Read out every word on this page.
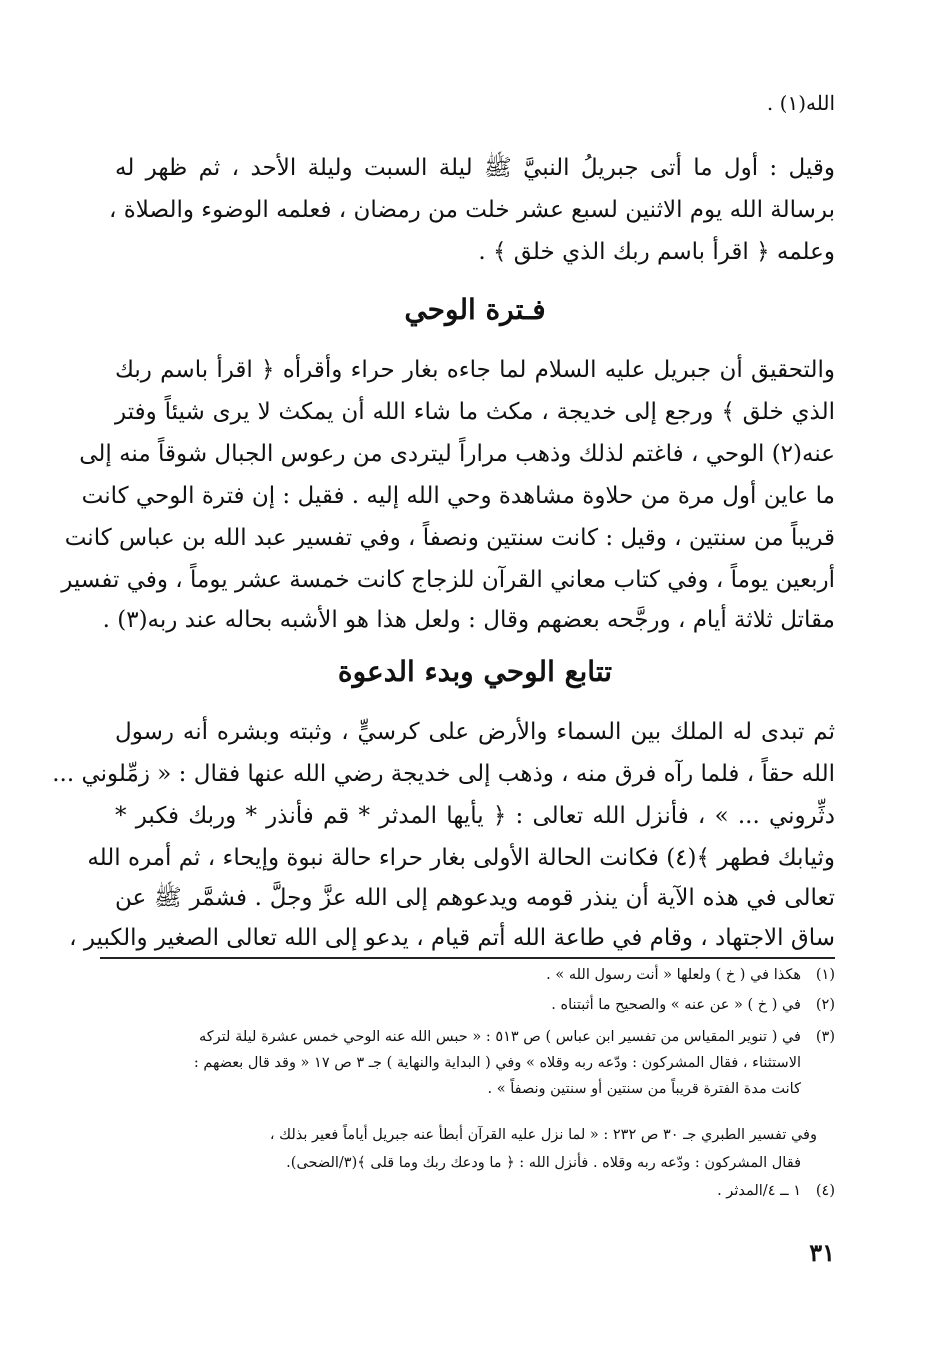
الله(١) .
وقيل : أول ما أتى جبريلُ النبيَّ ﷺ ليلة السبت وليلة الأحد ، ثم ظهر له
برسالة الله يوم الاثنين لسبع عشر خلت من رمضان ، فعلمه الوضوء والصلاة ،
وعلمه ﴿ اقرأ باسم ربك الذي خلق ﴾ .
فـترة الوحي
والتحقيق أن جبريل عليه السلام لما جاءه بغار حراء وأقرأه ﴿ اقرأ باسم ربك
الذي خلق ﴾ ورجع إلى خديجة ، مكث ما شاء الله أن يمكث لا يرى شيئاً وفتر
عنه(٢) الوحي ، فاغتم لذلك وذهب مراراً ليتردى من رعوس الجبال شوقاً منه إلى
ما عاين أول مرة من حلاوة مشاهدة وحي الله إليه . فقيل : إن فترة الوحي كانت
قريباً من سنتين ، وقيل : كانت سنتين ونصفاً ، وفي تفسير عبد الله بن عباس كانت
أربعين يوماً ، وفي كتاب معاني القرآن للزجاج كانت خمسة عشر يوماً ، وفي تفسير
مقاتل ثلاثة أيام ، ورجَّحه بعضهم وقال : ولعل هذا هو الأشبه بحاله عند ربه(٣) .
تتابع الوحي وبدء الدعوة
ثم تبدى له الملك بين السماء والأرض على كرسيٍّ ، وثبته وبشره أنه رسول
الله حقاً ، فلما رآه فرق منه ، وذهب إلى خديجة رضي الله عنها فقال : « زمِّلوني ...
دثِّروني ... » ، فأنزل الله تعالى : ﴿ يأيها المدثر * قم فأنذر * وربك فكبر *
وثيابك فطهر ﴾(٤) فكانت الحالة الأولى بغار حراء حالة نبوة وإيحاء ، ثم أمره الله
تعالى في هذه الآية أن ينذر قومه ويدعوهم إلى الله عزَّ وجلَّ . فشمَّر ﷺ عن
ساق الاجتهاد ، وقام في طاعة الله أتم قيام ، يدعو إلى الله تعالى الصغير والكبير ،
(١)هكذا في ( خ ) ولعلها « أنت رسول الله » .
(٢)في ( خ ) « عن عنه » والصحيح ما أثبتناه .
(٣)في ( تنوير المقياس من تفسير ابن عباس ) ص ٥١٣ : « حبس الله عنه الوحي خمس عشرة ليلة لتركه
الاستثناء ، فقال المشركون : ودّعه ربه وقلاه » وفي ( البداية والنهاية ) جـ ٣ ص ١٧ « وقد قال بعضهم :
كانت مدة الفترة قريباً من سنتين أو سنتين ونصفاً » .
وفي تفسير الطبري جـ ٣٠ ص ٢٣٢ : « لما نزل عليه القرآن أبطأ عنه جبريل أياماً فعير بذلك ،
فقال المشركون : ودّعه ربه وقلاه . فأنزل الله : ﴿ ما ودعك ربك وما قلى ﴾(٣/الضحى).
(٤)١ ــ ٤/المدثر .
٣١
